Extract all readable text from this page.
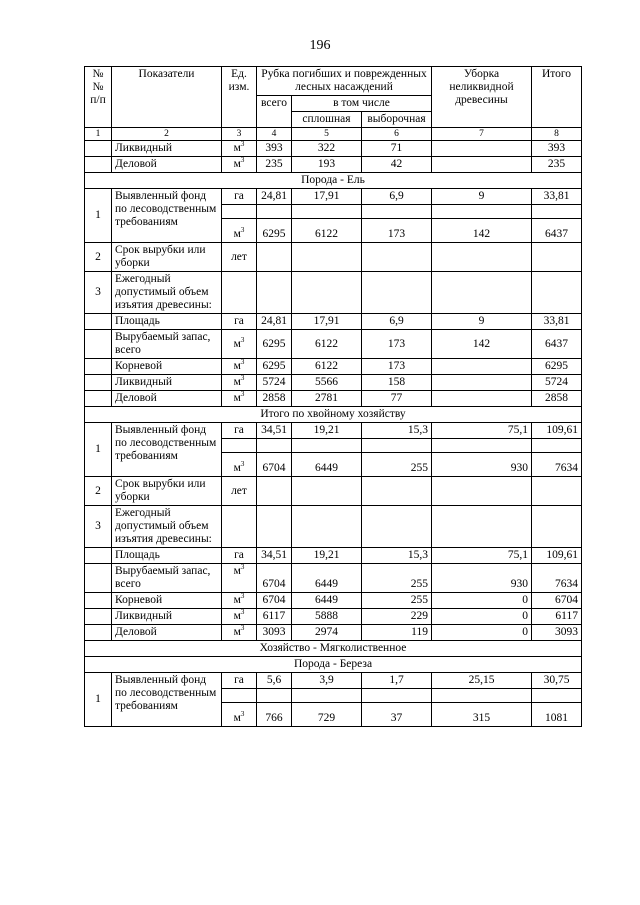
196
№№ п/п	Показатели	Ед. изм.	Рубка погибших и поврежденных лесных насаждений			Уборка неликвидной древесины	Итого
			всего	в том числе			
				сплошная	выборочная		
1	2	3	4	5	6	7	8
	Ликвидный	$м^3$	393	322	71		393
	Деловой	$м^3$	235	193	42		235
Порода - Ель							
1	Выявленный фонд по лесоводственным требованиям	га	24,81	17,91	6,9	9	33,81

		$м^3$	6295	6122	173	142	6437
2	Срок вырубки или уборки	лет					
3	Ежегодный допустимый объем изъятия древесины:						
	Площадь	га	24,81	17,91	6,9	9	33,81
	Вырубаемый запас, всего	$м^3$	6295	6122	173	142	6437
	Корневой	$м^3$	6295	6122	173		6295
	Ликвидный	$м^3$	5724	5566	158		5724
	Деловой	$м^3$	2858	2781	77		2858
Итого по хвойному хозяйству							
1	Выявленный фонд по лесоводственным требованиям	га	34,51	19,21	15,3	75,1	109,61

		$м^3$	6704	6449	255	930	7634
2	Срок вырубки или уборки	лет					
3	Ежегодный допустимый объем изъятия древесины:						
	Площадь	га	34,51	19,21	15,3	75,1	109,61
	Вырубаемый запас, всего	$м^3$	6704	6449	255	930	7634
	Корневой	$м^3$	6704	6449	255	0	6704
	Ликвидный	$м^3$	6117	5888	229	0	6117
	Деловой	$м^3$	3093	2974	119	0	3093
Хозяйство - Мягколиственное							
Порода - Береза							
1	Выявленный фонд по лесоводственным требованиям	га	5,6	3,9	1,7	25,15	30,75

		$м^3$	766	729	37	315	1081
